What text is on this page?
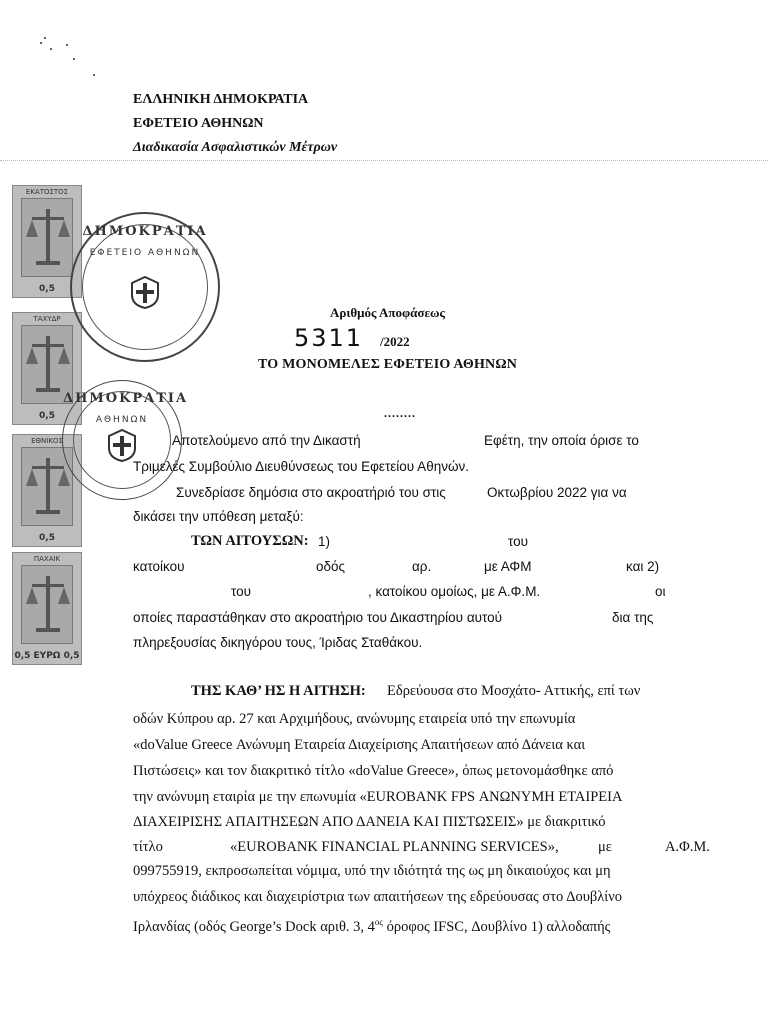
ΕΛΛΗΝΙΚΗ ΔΗΜΟΚΡΑΤΙΑ
ΕΦΕΤΕΙΟ ΑΘΗΝΩΝ
Διαδικασία Ασφαλιστικών Μέτρων
ΕΚΑΤΟΣΤΟΣ
0,5
ΤΑΧΥΔΡ
0,5
ΕΘΝΙΚΟΣ
0,5
ΠΑΧΑΙΚ
0,5 ΕΥΡΩ 0,5
ΔΗΜΟΚΡΑΤΙΑ
ΕΦΕΤΕΙΟ ΑΘΗΝΩΝ
ΔΗΜΟΚΡΑΤΙΑ
ΑΘΗΝΩΝ
Αριθμός Αποφάσεως
5311 /2022
ΤΟ ΜΟΝΟΜΕΛΕΣ ΕΦΕΤΕΙΟ ΑΘΗΝΩΝ
........
Αποτελούμενο από την Δικαστή	Εφέτη, την οποία όρισε το
Τριμελές Συμβούλιο Διευθύνσεως του Εφετείου Αθηνών.
Συνεδρίασε δημόσια στο ακροατήριό του στις	Οκτωβρίου 2022 για να
δικάσει την υπόθεση μεταξύ:
ΤΩΝ ΑΙΤΟΥΣΩΝ: 1)	του
κατοίκου	οδός	αρ.	με ΑΦΜ	και 2)
του	, κατοίκου ομοίως, με Α.Φ.Μ.	οι
οποίες παραστάθηκαν στο ακροατήριο του Δικαστηρίου αυτού	δια της
πληρεξουσίας δικηγόρου τους, Ίριδας Σταθάκου.
ΤΗΣ ΚΑΘ’ ΗΣ Η ΑΙΤΗΣΗ: Εδρεύουσα στο Μοσχάτο- Αττικής, επί των
οδών Κύπρου αρ. 27 και Αρχιμήδους, ανώνυμης εταιρεία υπό την επωνυμία
«doValue Greece Ανώνυμη Εταιρεία Διαχείρισης Απαιτήσεων από Δάνεια και
Πιστώσεις» και τον διακριτικό τίτλο «doValue Greece», όπως μετονομάσθηκε από
την ανώνυμη εταιρία με την επωνυμία «EUROBANK FPS ΑΝΩΝΥΜΗ ΕΤΑΙΡΕΙΑ
ΔΙΑΧΕΙΡΙΣΗΣ ΑΠΑΙΤΗΣΕΩΝ ΑΠΟ ΔΑΝΕΙΑ ΚΑΙ ΠΙΣΤΩΣΕΙΣ» με διακριτικό
τίτλο	«EUROBANK FINANCIAL PLANNING SERVICES»,	με	Α.Φ.Μ.
099755919, εκπροσωπείται νόμιμα, υπό την ιδιότητά της ως μη δικαιούχος και μη
υπόχρεος διάδικος και διαχειρίστρια των απαιτήσεων της εδρεύουσας στο Δουβλίνο
Ιρλανδίας (οδός George’s Dock αριθ. 3, $4^{o\varsigma}$ όροφος IFSC, Δουβλίνο 1) αλλοδαπής
